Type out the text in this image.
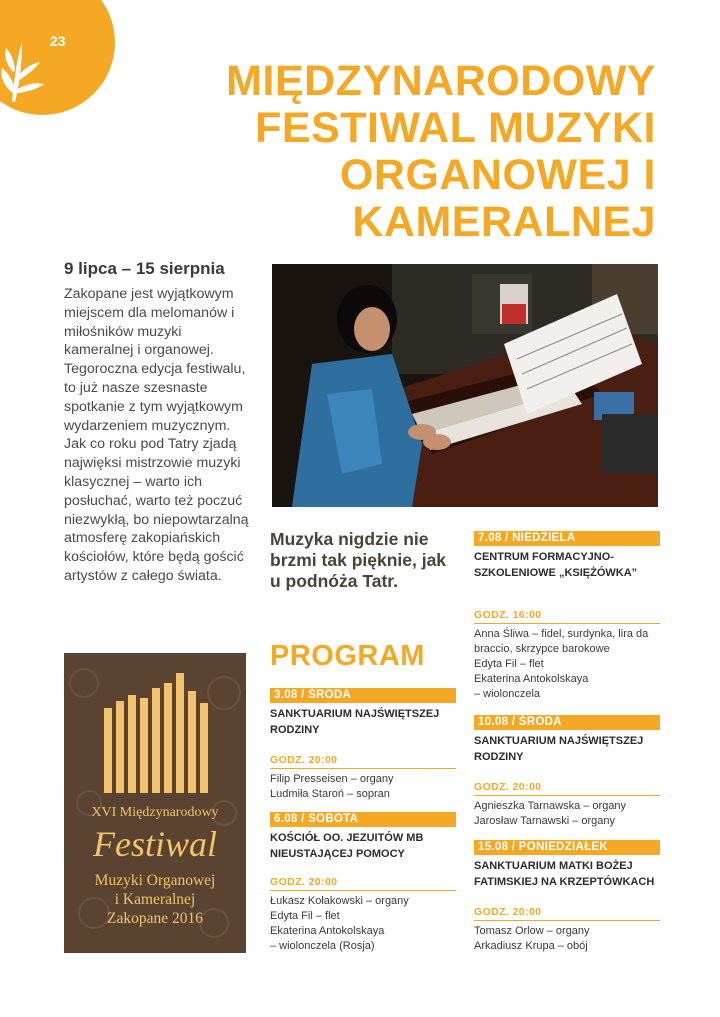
23
MIĘDZYNARODOWY FESTIWAL MUZYKI ORGANOWEJ I KAMERALNEJ
9 lipca – 15 sierpnia
Zakopane jest wyjątkowym miejscem dla melomanów i miłośników muzyki kameralnej i organowej. Tegoroczna edycja festiwalu, to już nasze szesnaste spotkanie z tym wyjątkowym wydarzeniem muzycznym. Jak co roku pod Tatry zjadą najwięksi mistrzowie muzyki klasycznej – warto ich posłuchać, warto też poczuć niezwykłą, bo niepowtarzalną atmosferę zakopiańskich kościołów, które będą gościć artystów z całego świata.
Muzyka nigdzie nie brzmi tak pięknie, jak u podnóża Tatr.
PROGRAM
XVI Międzynarodowy
Festiwal
Muzyki Organowej
i Kameralnej
Zakopane 2016
3.08 / ŚRODA
SANKTUARIUM NAJŚWIĘTSZEJ RODZINY
GODZ. 20:00
Filip Presseisen – organy
Ludmiła Staroń – sopran
6.08 / SOBOTA
KOŚCIÓŁ OO. JEZUITÓW MB NIEUSTAJĄCEJ POMOCY
GODZ. 20:00
Łukasz Kołakowski – organy
Edyta Fil – flet
Ekaterina Antokolskaya
– wiolonczela (Rosja)
7.08 / NIEDZIELA
CENTRUM FORMACYJNO-SZKOLENIOWE „KSIĘŻÓWKA”
GODZ. 16:00
Anna Śliwa – fidel, surdynka, lira da braccio, skrzypce barokowe
Edyta Fil – flet
Ekaterina Antokolskaya
– wiolonczela
10.08 / ŚRODA
SANKTUARIUM NAJŚWIĘTSZEJ RODZINY
GODZ. 20:00
Agnieszka Tarnawska – organy
Jarosław Tarnawski – organy
15.08 / PONIEDZIAŁEK
SANKTUARIUM MATKI BOŻEJ FATIMSKIEJ NA KRZEPTÓWKACH
GODZ. 20:00
Tomasz Orlow – organy
Arkadiusz Krupa – obój
